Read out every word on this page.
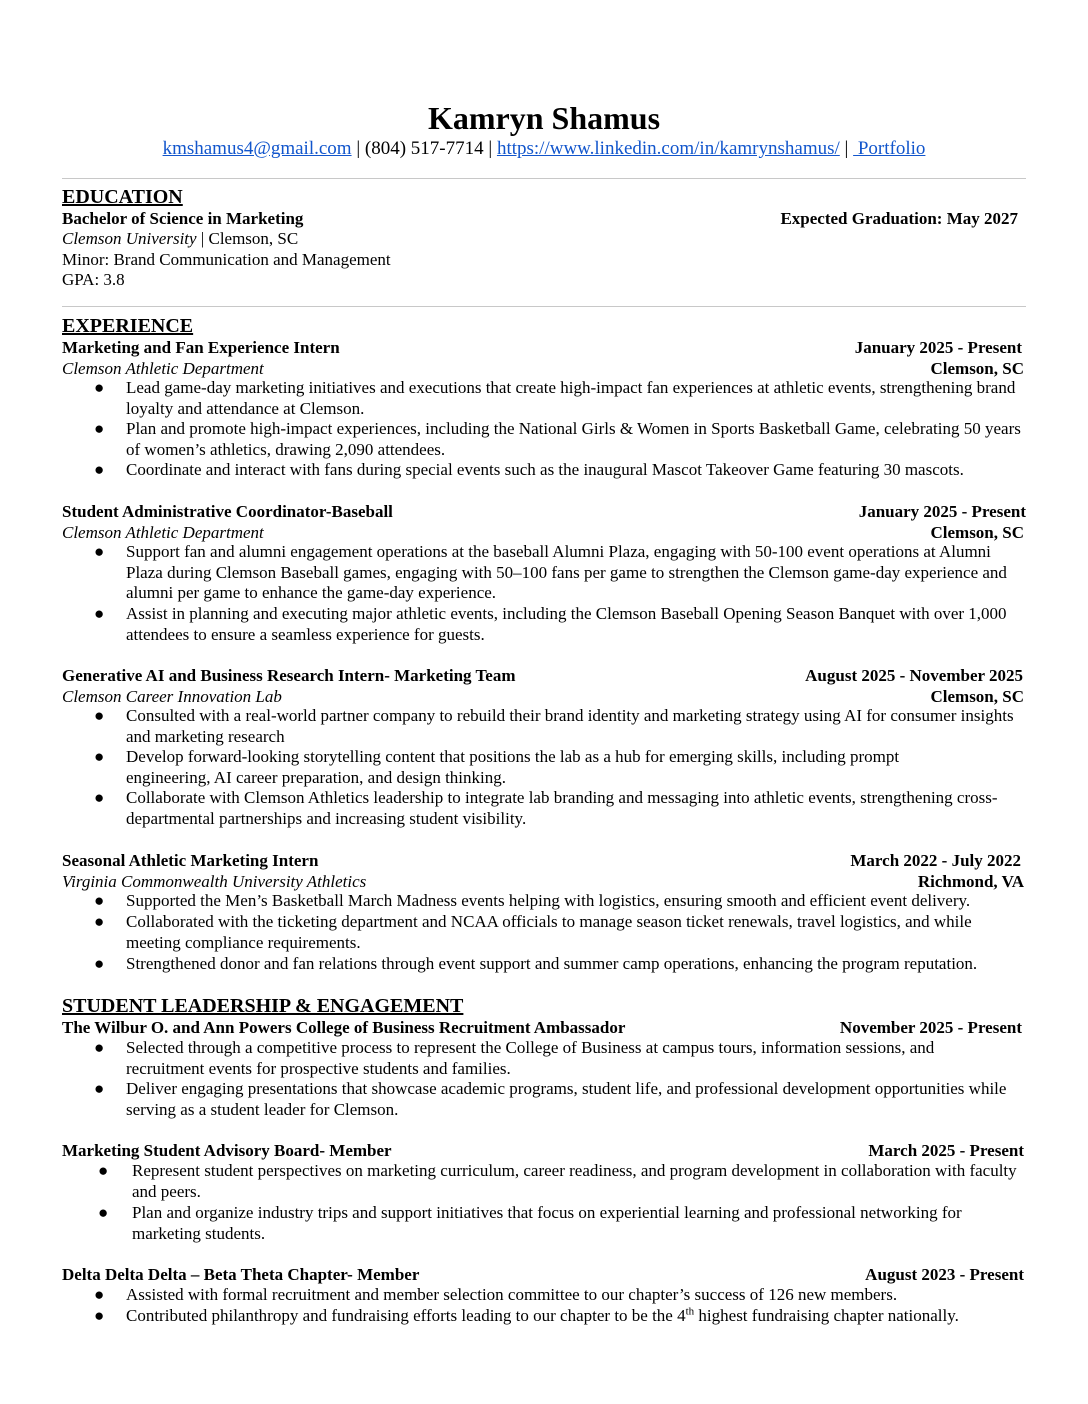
Kamryn Shamus
kmshamus4@gmail.com | (804) 517-7714 | https://www.linkedin.com/in/kamrynshamus/ |  Portfolio
EDUCATION
Bachelor of Science in Marketing	Expected Graduation: May 2027
Clemson University | Clemson, SC
Minor: Brand Communication and Management
GPA: 3.8
EXPERIENCE
Marketing and Fan Experience Intern	January 2025 - Present
Clemson Athletic Department	Clemson, SC
● Lead game-day marketing initiatives and executions that create high-impact fan experiences at athletic events, strengthening brand loyalty and attendance at Clemson.
● Plan and promote high-impact experiences, including the National Girls & Women in Sports Basketball Game, celebrating 50 years of women’s athletics, drawing 2,090 attendees.
● Coordinate and interact with fans during special events such as the inaugural Mascot Takeover Game featuring 30 mascots.
Student Administrative Coordinator-Baseball	January 2025 - Present
Clemson Athletic Department	Clemson, SC
● Support fan and alumni engagement operations at the baseball Alumni Plaza, engaging with 50-100 event operations at Alumni Plaza during Clemson Baseball games, engaging with 50–100 fans per game to strengthen the Clemson game-day experience and alumni per game to enhance the game-day experience.
● Assist in planning and executing major athletic events, including the Clemson Baseball Opening Season Banquet with over 1,000 attendees to ensure a seamless experience for guests.
Generative AI and Business Research Intern- Marketing Team	August 2025 - November 2025
Clemson Career Innovation Lab	Clemson, SC
● Consulted with a real-world partner company to rebuild their brand identity and marketing strategy using AI for consumer insights and marketing research
● Develop forward-looking storytelling content that positions the lab as a hub for emerging skills, including prompt engineering, AI career preparation, and design thinking.
● Collaborate with Clemson Athletics leadership to integrate lab branding and messaging into athletic events, strengthening cross-departmental partnerships and increasing student visibility.
Seasonal Athletic Marketing Intern	March 2022 - July 2022
Virginia Commonwealth University Athletics	Richmond, VA
● Supported the Men’s Basketball March Madness events helping with logistics, ensuring smooth and efficient event delivery.
● Collaborated with the ticketing department and NCAA officials to manage season ticket renewals, travel logistics, and while meeting compliance requirements.
● Strengthened donor and fan relations through event support and summer camp operations, enhancing the program reputation.
STUDENT LEADERSHIP & ENGAGEMENT
The Wilbur O. and Ann Powers College of Business Recruitment Ambassador	November 2025 - Present
● Selected through a competitive process to represent the College of Business at campus tours, information sessions, and recruitment events for prospective students and families.
● Deliver engaging presentations that showcase academic programs, student life, and professional development opportunities while serving as a student leader for Clemson.
Marketing Student Advisory Board- Member	March 2025 - Present
● Represent student perspectives on marketing curriculum, career readiness, and program development in collaboration with faculty and peers.
● Plan and organize industry trips and support initiatives that focus on experiential learning and professional networking for marketing students.
Delta Delta Delta – Beta Theta Chapter- Member	August 2023 - Present
● Assisted with formal recruitment and member selection committee to our chapter’s success of 126 new members.
● Contributed philanthropy and fundraising efforts leading to our chapter to be the 4th highest fundraising chapter nationally.
